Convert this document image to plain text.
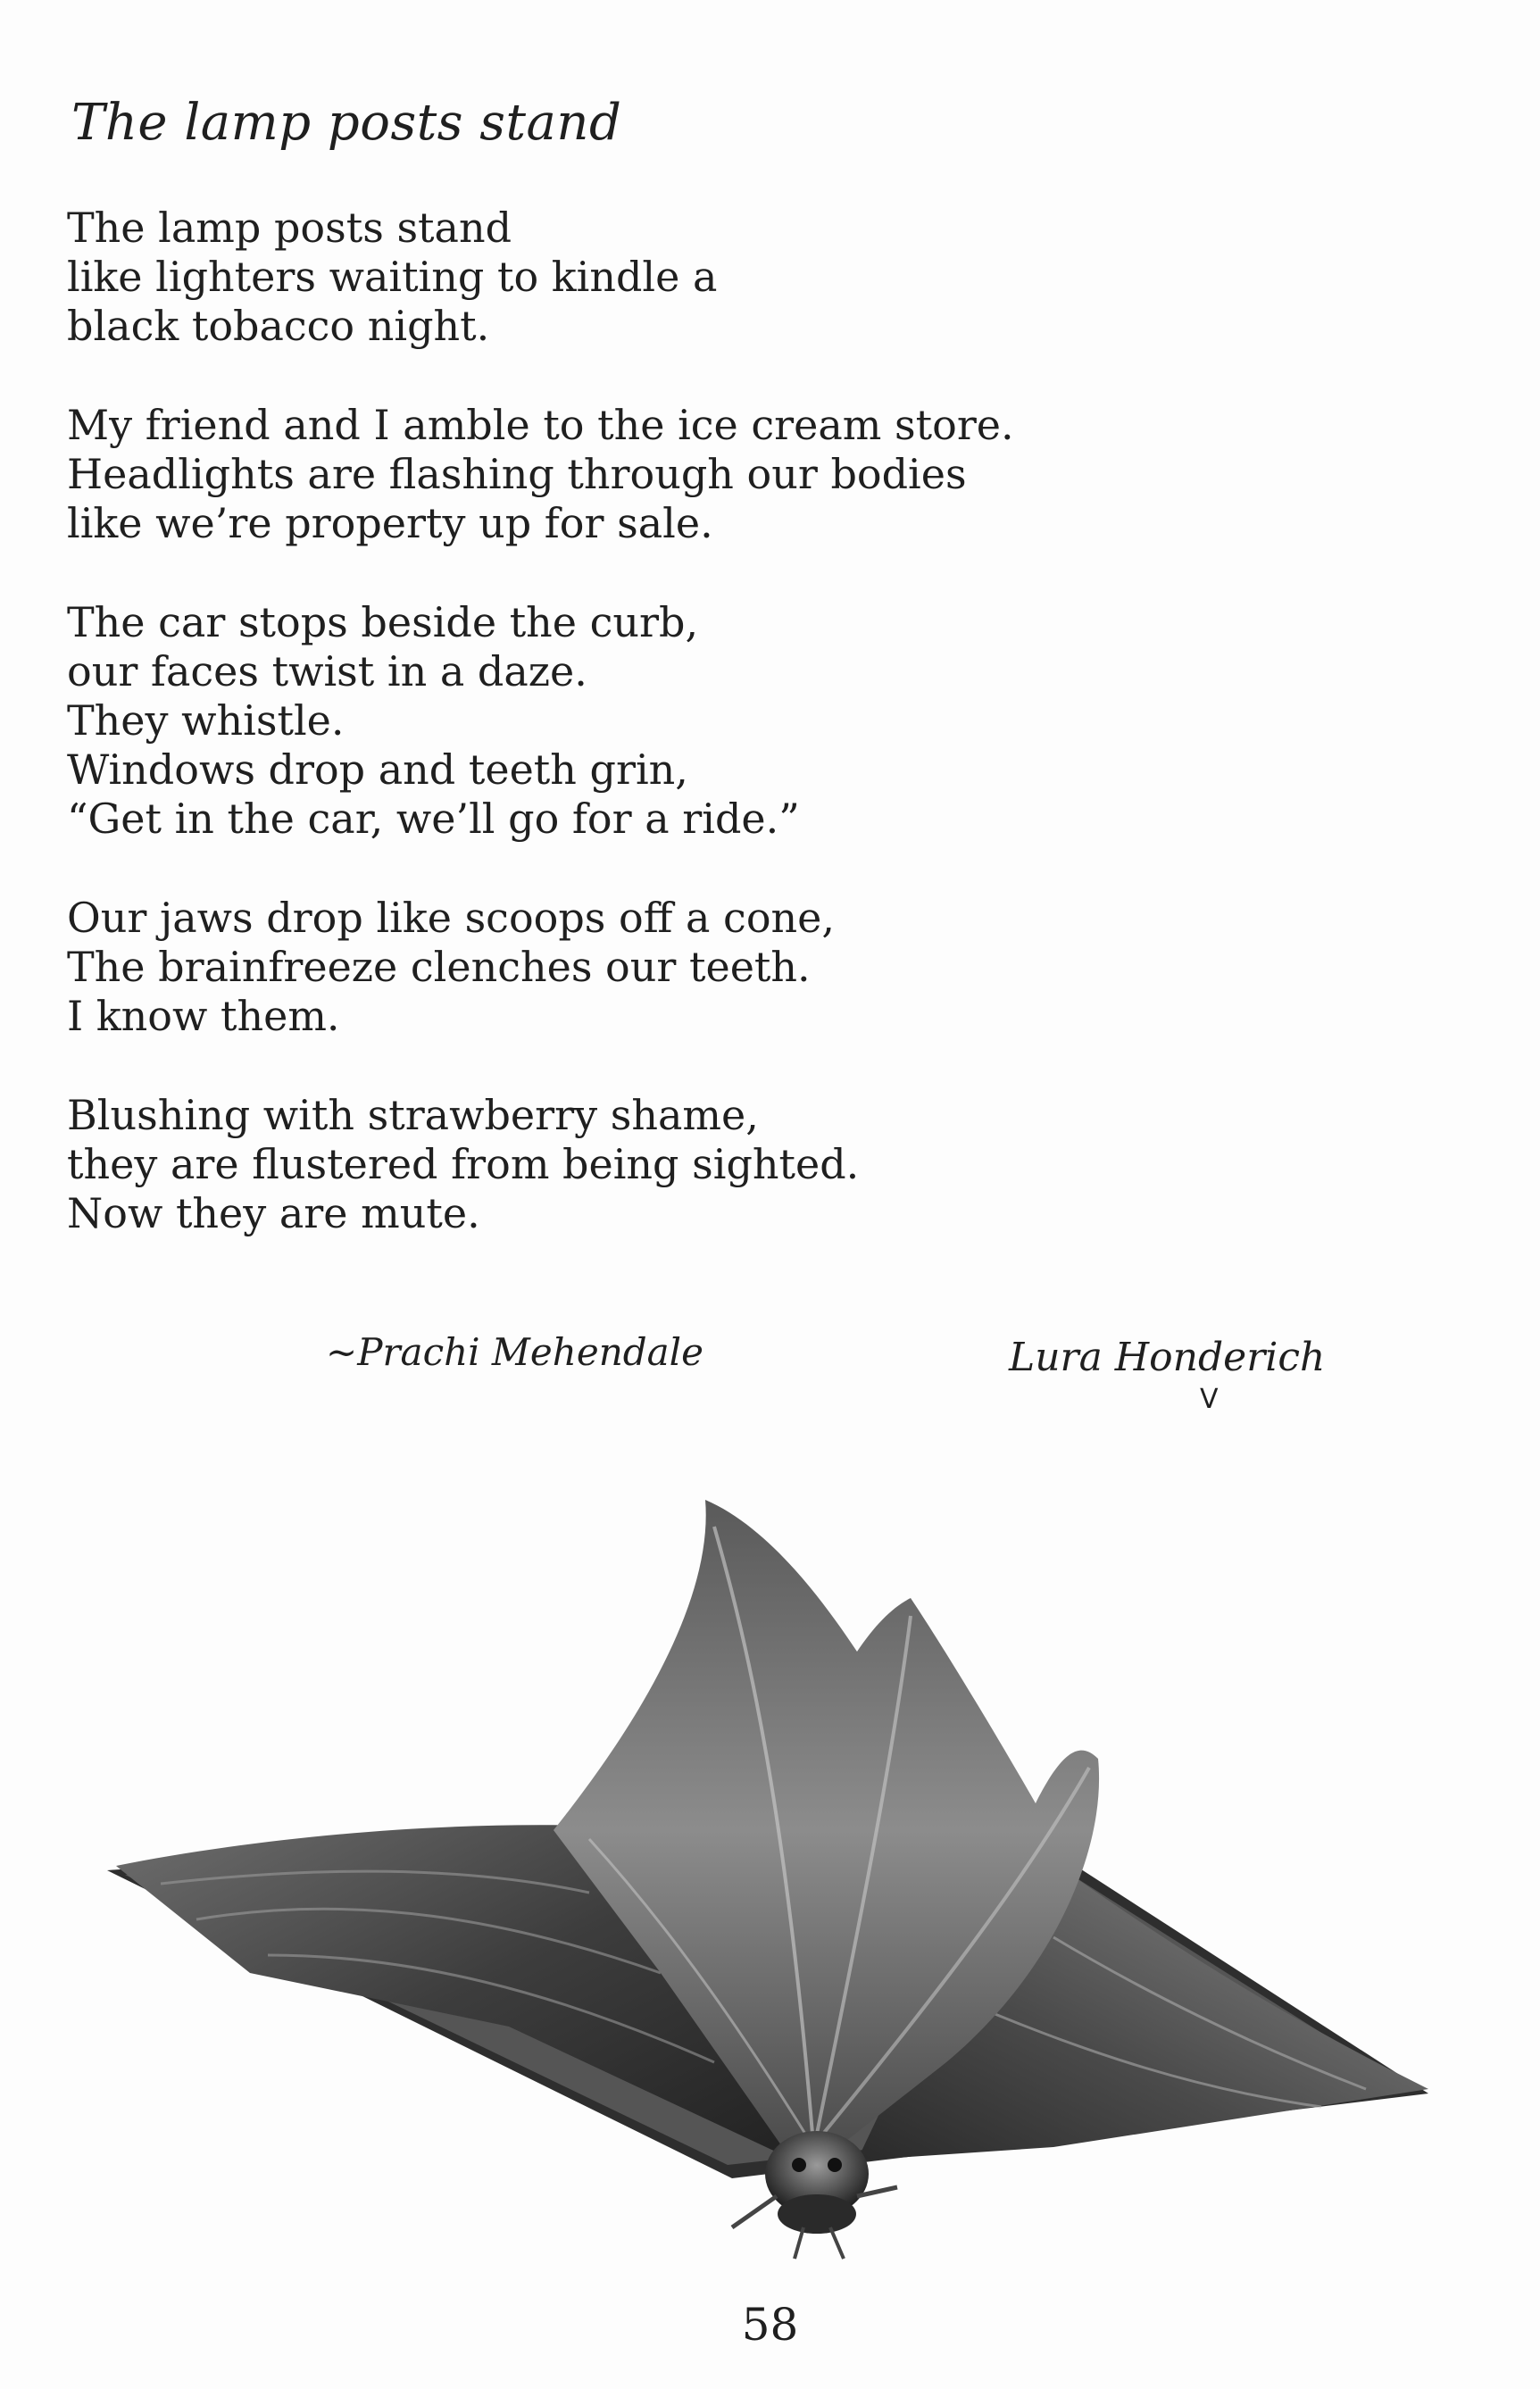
The lamp posts stand
The lamp posts stand
like lighters waiting to kindle a
black tobacco night.
My friend and I amble to the ice cream store.
Headlights are flashing through our bodies
like we’re property up for sale.
The car stops beside the curb,
our faces twist in a daze.
They whistle.
Windows drop and teeth grin,
“Get in the car, we’ll go for a ride.”
Our jaws drop like scoops off a cone,
The brainfreeze clenches our teeth.
I know them.
Blushing with strawberry shame,
they are flustered from being sighted.
Now they are mute.
~Prachi Mehendale	Lura Honderich
V
58
